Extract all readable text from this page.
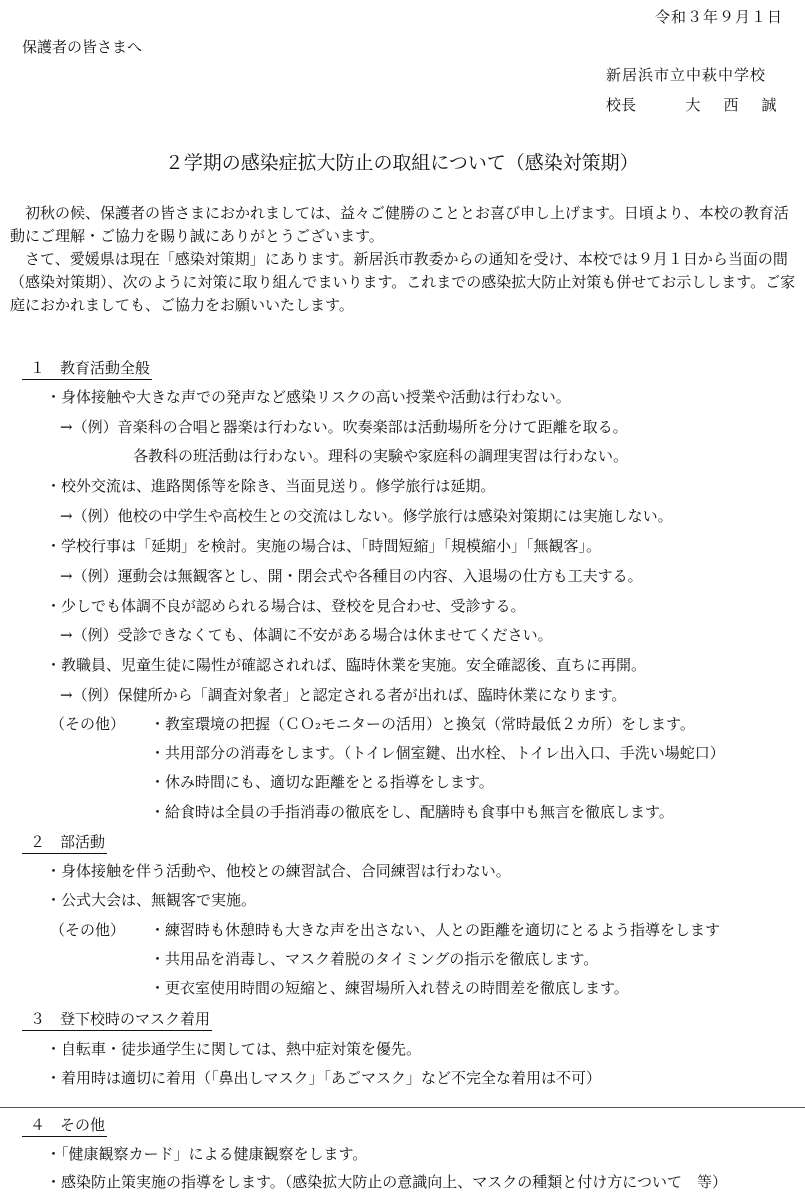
令和３年９月１日
保護者の皆さまへ
新居浜市立中萩中学校
校長	大 西 誠
２学期の感染症拡大防止の取組について（感染対策期）

初秋の候、保護者の皆さまにおかれましては、益々ご健勝のこととお喜び申し上げます。日頃より、本校の教育活動にご理解・ご協力を賜り誠にありがとうございます。

さて、愛媛県は現在「感染対策期」にあります。新居浜市教委からの通知を受け、本校では９月１日から当面の間（感染対策期）、次のように対策に取り組んでまいります。これまでの感染拡大防止対策も併せてお示しします。ご家庭におかれましても、ご協力をお願いいたします。

１　教育活動全般
・身体接触や大きな声での発声など感染リスクの高い授業や活動は行わない。
→（例）音楽科の合唱と器楽は行わない。吹奏楽部は活動場所を分けて距離を取る。
各教科の班活動は行わない。理科の実験や家庭科の調理実習は行わない。
・校外交流は、進路関係等を除き、当面見送り。修学旅行は延期。
→（例）他校の中学生や高校生との交流はしない。修学旅行は感染対策期には実施しない。
・学校行事は「延期」を検討。実施の場合は、「時間短縮」「規模縮小」「無観客」。
→（例）運動会は無観客とし、開・閉会式や各種目の内容、入退場の仕方も工夫する。
・少しでも体調不良が認められる場合は、登校を見合わせ、受診する。
→（例）受診できなくても、体調に不安がある場合は休ませてください。
・教職員、児童生徒に陽性が確認されれば、臨時休業を実施。安全確認後、直ちに再開。
→（例）保健所から「調査対象者」と認定される者が出れば、臨時休業になります。
（その他） ・教室環境の把握（ＣＯ₂モニターの活用）と換気（常時最低２カ所）をします。
・共用部分の消毒をします。（トイレ個室鍵、出水栓、トイレ出入口、手洗い場蛇口）
・休み時間にも、適切な距離をとる指導をします。
・給食時は全員の手指消毒の徹底をし、配膳時も食事中も無言を徹底します。
２　部活動
・身体接触を伴う活動や、他校との練習試合、合同練習は行わない。
・公式大会は、無観客で実施。
（その他） ・練習時も休憩時も大きな声を出さない、人との距離を適切にとるよう指導をします
・共用品を消毒し、マスク着脱のタイミングの指示を徹底します。
・更衣室使用時間の短縮と、練習場所入れ替えの時間差を徹底します。
３　登下校時のマスク着用
・自転車・徒歩通学生に関しては、熱中症対策を優先。
・着用時は適切に着用（「鼻出しマスク」「あごマスク」など不完全な着用は不可）
４　その他
・「健康観察カード」による健康観察をします。
・感染防止策実施の指導をします。（感染拡大防止の意識向上、マスクの種類と付け方について　等）
